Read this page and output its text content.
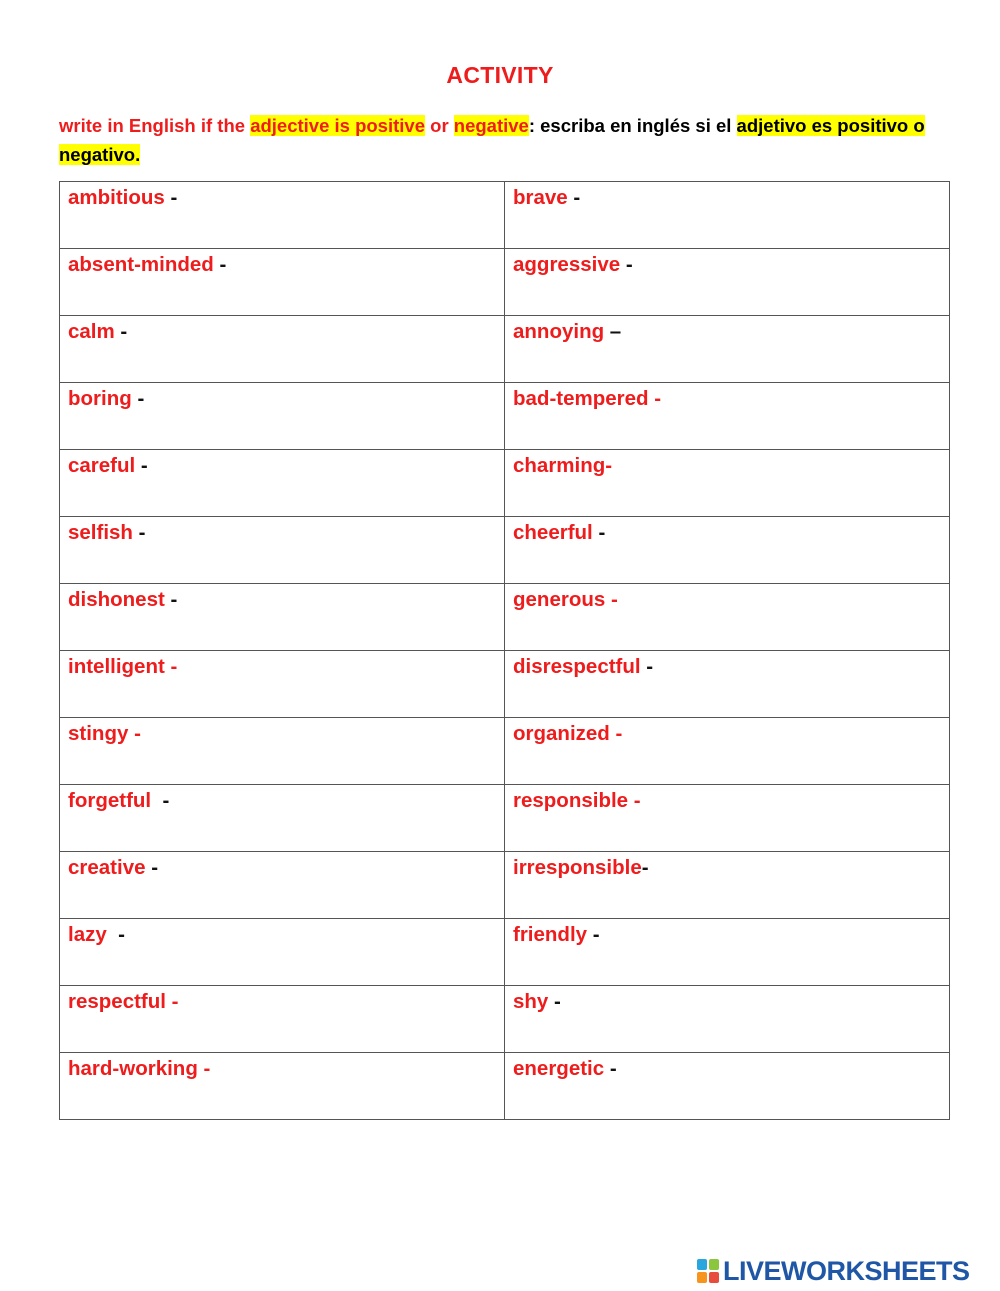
ACTIVITY
write in English if the adjective is positive or negative: escriba en inglés si el adjetivo es positivo o negativo.
ambitious -	brave -
absent-minded -	aggressive -
calm -	annoying –
boring -	bad-tempered -
careful -	charming-
selfish -	cheerful -
dishonest -	generous -
intelligent -	disrespectful -
stingy -	organized -
forgetful  -	responsible -
creative -	irresponsible-
lazy  -	friendly -
respectful -	shy -
hard-working -	energetic -
LIVEWORKSHEETS
